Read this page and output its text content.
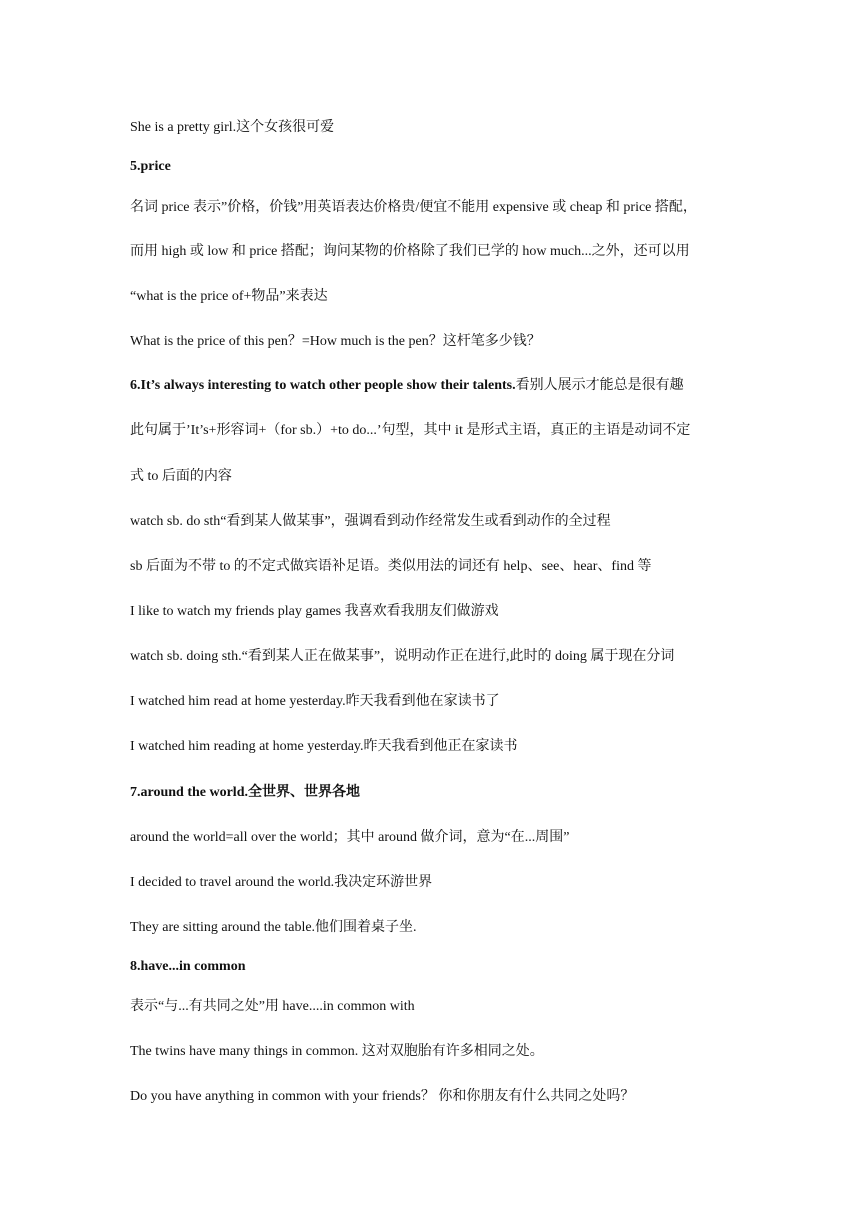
She is a pretty girl.这个女孩很可爱
5.price
名词 price 表示”价格，价钱”用英语表达价格贵/便宜不能用 expensive 或 cheap 和 price 搭配，
而用 high 或 low 和 price 搭配；询问某物的价格除了我们已学的 how much...之外，还可以用
“what is the price of+物品”来表达
What is the price of this pen？=How much is the pen？这杆笔多少钱？
6.It’s always interesting to watch other people show their talents.看别人展示才能总是很有趣
此句属于’It’s+形容词+（for sb.）+to do...’句型，其中 it 是形式主语，真正的主语是动词不定
式 to 后面的内容
watch sb. do sth“看到某人做某事”，强调看到动作经常发生或看到动作的全过程
sb 后面为不带 to 的不定式做宾语补足语。类似用法的词还有 help、see、hear、find 等
I like to watch my friends play games 我喜欢看我朋友们做游戏
watch sb. doing sth.“看到某人正在做某事”，说明动作正在进行,此时的 doing 属于现在分词
I watched him read at home yesterday.昨天我看到他在家读书了
I watched him reading at home yesterday.昨天我看到他正在家读书
7.around the world.全世界、世界各地
around the world=all over the world；其中 around 做介词，意为“在...周围”
I decided to travel around the world.我决定环游世界
They are sitting around the table.他们围着桌子坐.
8.have...in common
表示“与...有共同之处”用 have....in common with
The twins have many things in common. 这对双胞胎有许多相同之处。
Do you have anything in common with your friends？ 你和你朋友有什么共同之处吗？
